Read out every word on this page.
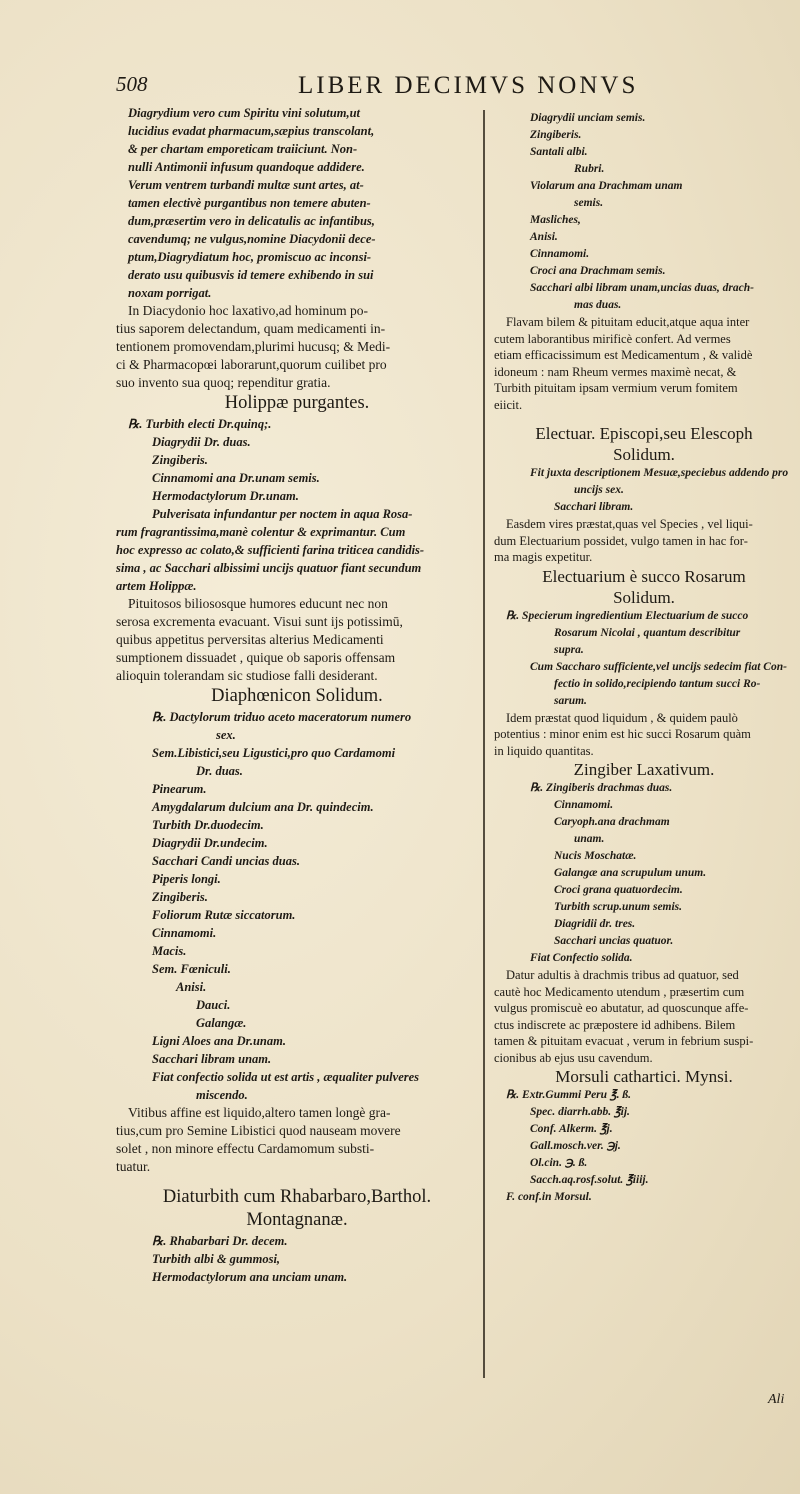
508	LIBER DECIMVS NONVS
Diagrydium vero cum Spiritu vini solutum,ut
lucidius evadat pharmacum,sæpius transcolant,
& per chartam emporeticam traiiciunt. Non-
nulli Antimonii infusum quandoque addidere.
Verum ventrem turbandi multæ sunt artes, at-
tamen electivè purgantibus non temere abuten-
dum,præsertim vero in delicatulis ac infantibus,
cavendumq; ne vulgus,nomine Diacydonii dece-
ptum,Diagrydiatum hoc, promiscuo ac inconsi-
derato usu quibusvis id temere exhibendo in sui
noxam porrigat.
In Diacydonio hoc laxativo,ad hominum po-
tius saporem delectandum, quam medicamenti in-
tentionem promovendam,plurimi hucusq; & Medi-
ci & Pharmacopœi laborarunt,quorum cuilibet pro
suo invento sua quoq; rependitur gratia.
Holippæ purgantes.
℞. Turbith electi Dr.quinq;.
Diagrydii Dr. duas.
Zingiberis.
Cinnamomi ana Dr.unam semis.
Hermodactylorum Dr.unam.
Pulverisata infundantur per noctem in aqua Rosa-
rum fragrantissima,manè colentur & exprimantur. Cum
hoc expresso ac colato,& sufficienti farina triticea candidis-
sima , ac Sacchari albissimi uncijs quatuor fiant secundum
artem Holippæ.
Pituitosos biliososque humores educunt nec non
serosa excrementa evacuant. Visui sunt ijs potissimū,
quibus appetitus perversitas alterius Medicamenti
sumptionem dissuadet , quique ob saporis offensam
alioquin tolerandam sic studiose falli desiderant.
Diaphœnicon Solidum.
℞. Dactylorum triduo aceto maceratorum numero
sex.
Sem.Libistici,seu Ligustici,pro quo Cardamomi
Dr. duas.
Pinearum.
Amygdalarum dulcium ana Dr. quindecim.
Turbith Dr.duodecim.
Diagrydii Dr.undecim.
Sacchari Candi uncias duas.
Piperis longi.
Zingiberis.
Foliorum Rutæ siccatorum.
Cinnamomi.
Macis.
Sem. Fœniculi.
Anisi.
Dauci.
Galangæ.
Ligni Aloes ana Dr.unam.
Sacchari libram unam.
Fiat confectio solida ut est artis , æqualiter pulveres
miscendo.
Vitibus affine est liquido,altero tamen longè gra-
tius,cum pro Semine Libistici quod nauseam movere
solet , non minore effectu Cardamomum substi-
tuatur.
Diaturbith cum Rhabarbaro,Barthol.
Montagnanæ.
℞. Rhabarbari Dr. decem.
Turbith albi & gummosi,
Hermodactylorum ana unciam unam.
Diagrydii unciam semis.
Zingiberis.
Santali albi.
Rubri.
Violarum ana Drachmam unam
semis.
Masliches,
Anisi.
Cinnamomi.
Croci ana Drachmam semis.
Sacchari albi libram unam,uncias duas, drach-
mas duas.
Flavam bilem & pituitam educit,atque aqua inter
cutem laborantibus mirificè confert. Ad vermes
etiam efficacissimum est Medicamentum , & validè
idoneum : nam Rheum vermes maximè necat, &
Turbith pituitam ipsam vermium verum fomitem
eiicit.
Electuar. Episcopi,seu Elescoph
Solidum.
Fit juxta descriptionem Mesuæ,speciebus addendo pro
uncijs sex.
Sacchari libram.
Easdem vires præstat,quas vel Species , vel liqui-
dum Electuarium possidet, vulgo tamen in hac for-
ma magis expetitur.
Electuarium è succo Rosarum
Solidum.
℞. Specierum ingredientium Electuarium de succo
Rosarum Nicolai , quantum describitur
supra.
Cum Saccharo sufficiente,vel uncijs sedecim fiat Con-
fectio in solido,recipiendo tantum succi Ro-
sarum.
Idem præstat quod liquidum , & quidem paulò
potentius : minor enim est hic succi Rosarum quàm
in liquido quantitas.
Zingiber Laxativum.
℞. Zingiberis drachmas duas.
Cinnamomi.
Caryoph.ana drachmam
unam.
Nucis Moschatæ.
Galangæ ana scrupulum unum.
Croci grana quatuordecim.
Turbith scrup.unum semis.
Diagridii dr. tres.
Sacchari uncias quatuor.
Fiat Confectio solida.
Datur adultis à drachmis tribus ad quatuor, sed
cautè hoc Medicamento utendum , præsertim cum
vulgus promiscuè eo abutatur, ad quoscunque affe-
ctus indiscrete ac præpostere id adhibens. Bilem
tamen & pituitam evacuat , verum in febrium suspi-
cionibus ab ejus usu cavendum.
Morsuli cathartici. Mynsi.
℞. Extr.Gummi Peru ℥. ß.
Spec. diarrh.abb. ℥ij.
Conf. Alkerm. ℥j.
Gall.mosch.ver. ℈j.
Ol.cin. ℈. ß.
Sacch.aq.rosf.solut. ℥iiij.
F. conf.in Morsul.
Ali
